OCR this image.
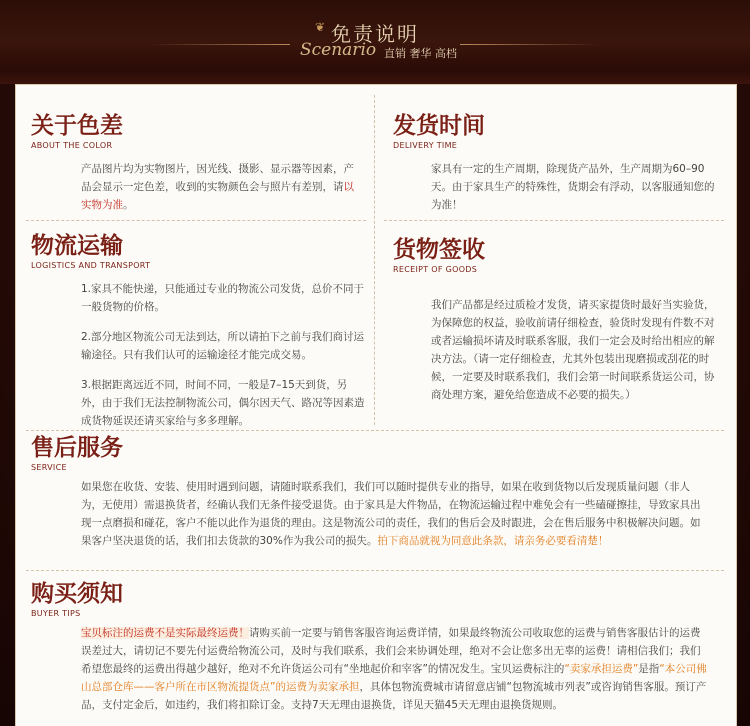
免责说明
❦
Scenario 直销 奢华 高档
关于色差
ABOUT THE COLOR
产品图片均为实物图片，因光线、摄影、显示器等因素，产品会显示一定色差，收到的实物颜色会与照片有差别，请以实物为准。
发货时间
DELIVERY TIME
家具有一定的生产周期，除现货产品外，生产周期为60–90天。由于家具生产的特殊性，货期会有浮动，以客服通知您的为准！
物流运输
LOGISTICS AND TRANSPORT

1.家具不能快递，只能通过专业的物流公司发货，总价不同于一般货物的价格。

2.部分地区物流公司无法到达，所以请拍下之前与我们商讨运输途径。只有我们认可的运输途径才能完成交易。

3.根据距离远近不同，时间不同，一般是7–15天到货，另外，由于我们无法控制物流公司，偶尔因天气、路况等因素造成货物延误还请买家给与多多理解。

货物签收
RECEIPT OF GOODS
我们产品都是经过质检才发货，请买家提货时最好当实验货，为保障您的权益，验收前请仔细检查，验货时发现有件数不对或者运输损坏请及时联系客服，我们一定会及时给出相应的解决方法。（请一定仔细检查，尤其外包装出现磨损或刮花的时候，一定要及时联系我们，我们会第一时间联系货运公司，协商处理方案，避免给您造成不必要的损失。）
售后服务
SERVICE
如果您在收货、安装、使用时遇到问题，请随时联系我们，我们可以随时提供专业的指导，如果在收到货物以后发现质量问题（非人为，无使用）需退换货者，经确认我们无条件接受退货。由于家具是大件物品，在物流运输过程中难免会有一些磕碰擦挂，导致家具出现一点磨损和碰花，客户不能以此作为退货的理由。这是物流公司的责任，我们的售后会及时跟进，会在售后服务中积极解决问题。如果客户坚决退货的话，我们扣去货款的30%作为我公司的损失。拍下商品就视为同意此条款，请亲务必要看清楚！
购买须知
BUYER TIPS
宝贝标注的运费不是实际最终运费！请购买前一定要与销售客服咨询运费详情，如果最终物流公司收取您的运费与销售客服估计的运费误差过大，请切记不要先付运费给物流公司，及时与我们联系，我们会来协调处理，绝对不会让您多出无辜的运费！请相信我们；我们希望您最终的运费出得越少越好，绝对不允许货运公司有“坐地起价和宰客”的情况发生。宝贝运费标注的“卖家承担运费”是指“本公司佛山总部仓库——客户所在市区物流提货点”的运费为卖家承担，具体包物流费城市请留意店铺“包物流城市列表”或咨询销售客服。预订产品，支付定金后，如违约，我们将扣除订金。支持7天无理由退换货，详见天猫45天无理由退换货规则。
